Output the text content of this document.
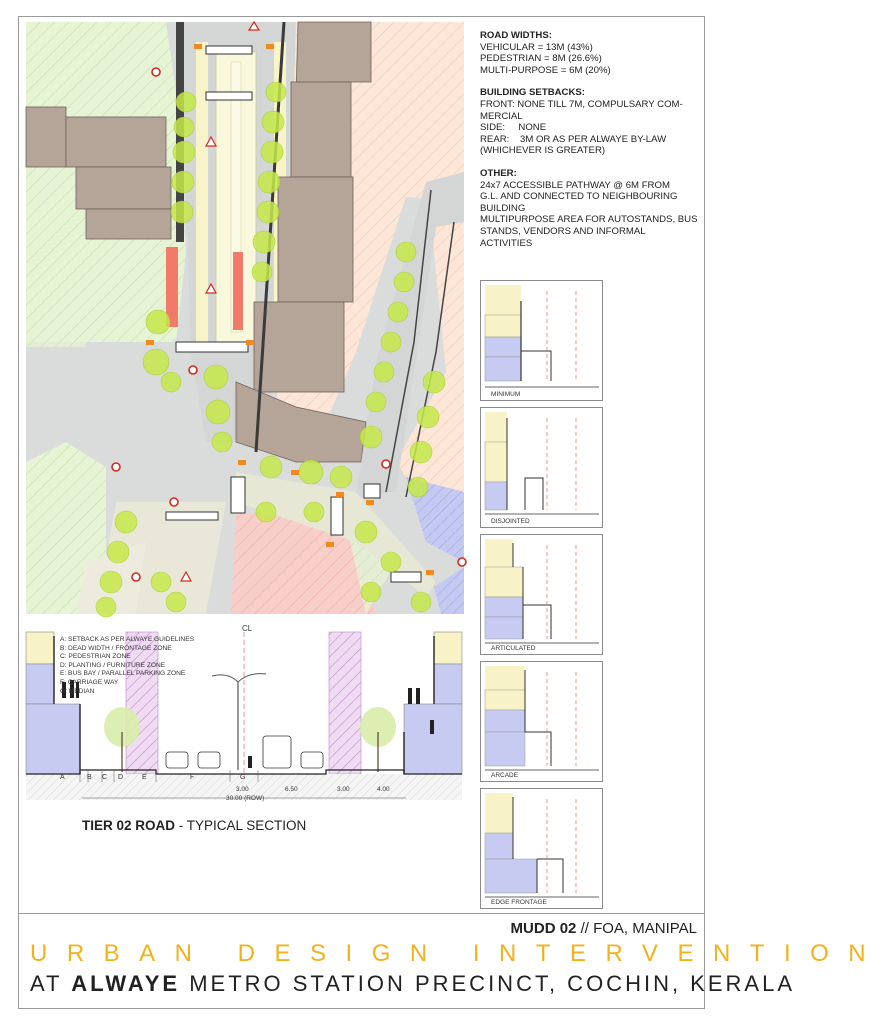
ROAD WIDTHS:
VEHICULAR = 13M (43%)
PEDESTRIAN = 8M (26.6%)
MULTI-PURPOSE = 6M (20%)
BUILDING SETBACKS:
FRONT: NONE TILL 7M, COMPULSARY COM-
MERCIAL
SIDE:     NONE
REAR:    3M OR AS PER ALWAYE BY-LAW
(WHICHEVER IS GREATER)
OTHER:
24x7 ACCESSIBLE PATHWAY @ 6M FROM
G.L. AND CONNECTED TO NEIGHBOURING
BUILDING
MULTIPURPOSE AREA FOR AUTOSTANDS, BUS
STANDS, VENDORS AND INFORMAL
ACTIVITIES
MINIMUM
DISJOINTED
ARTICULATED
ARCADE
EDGE FRONTAGE
A: SETBACK AS PER ALWAYE GUIDELINES
B: DEAD WIDTH / FRONTAGE ZONE
C: PEDESTRIAN ZONE
D: PLANTING / FURNITURE ZONE
E: BUS BAY / PARALLEL PARKING ZONE
F: CARRIAGE WAY
G: MEDIAN
CL
A	B C D	E	F	G
3.00	6.50	3.00	4.00
30.00 (ROW)
TIER 02 ROAD - TYPICAL SECTION
MUDD 02 // FOA, MANIPAL
URBAN DESIGN INTERVENTION
AT ALWAYE METRO STATION PRECINCT, COCHIN, KERALA
